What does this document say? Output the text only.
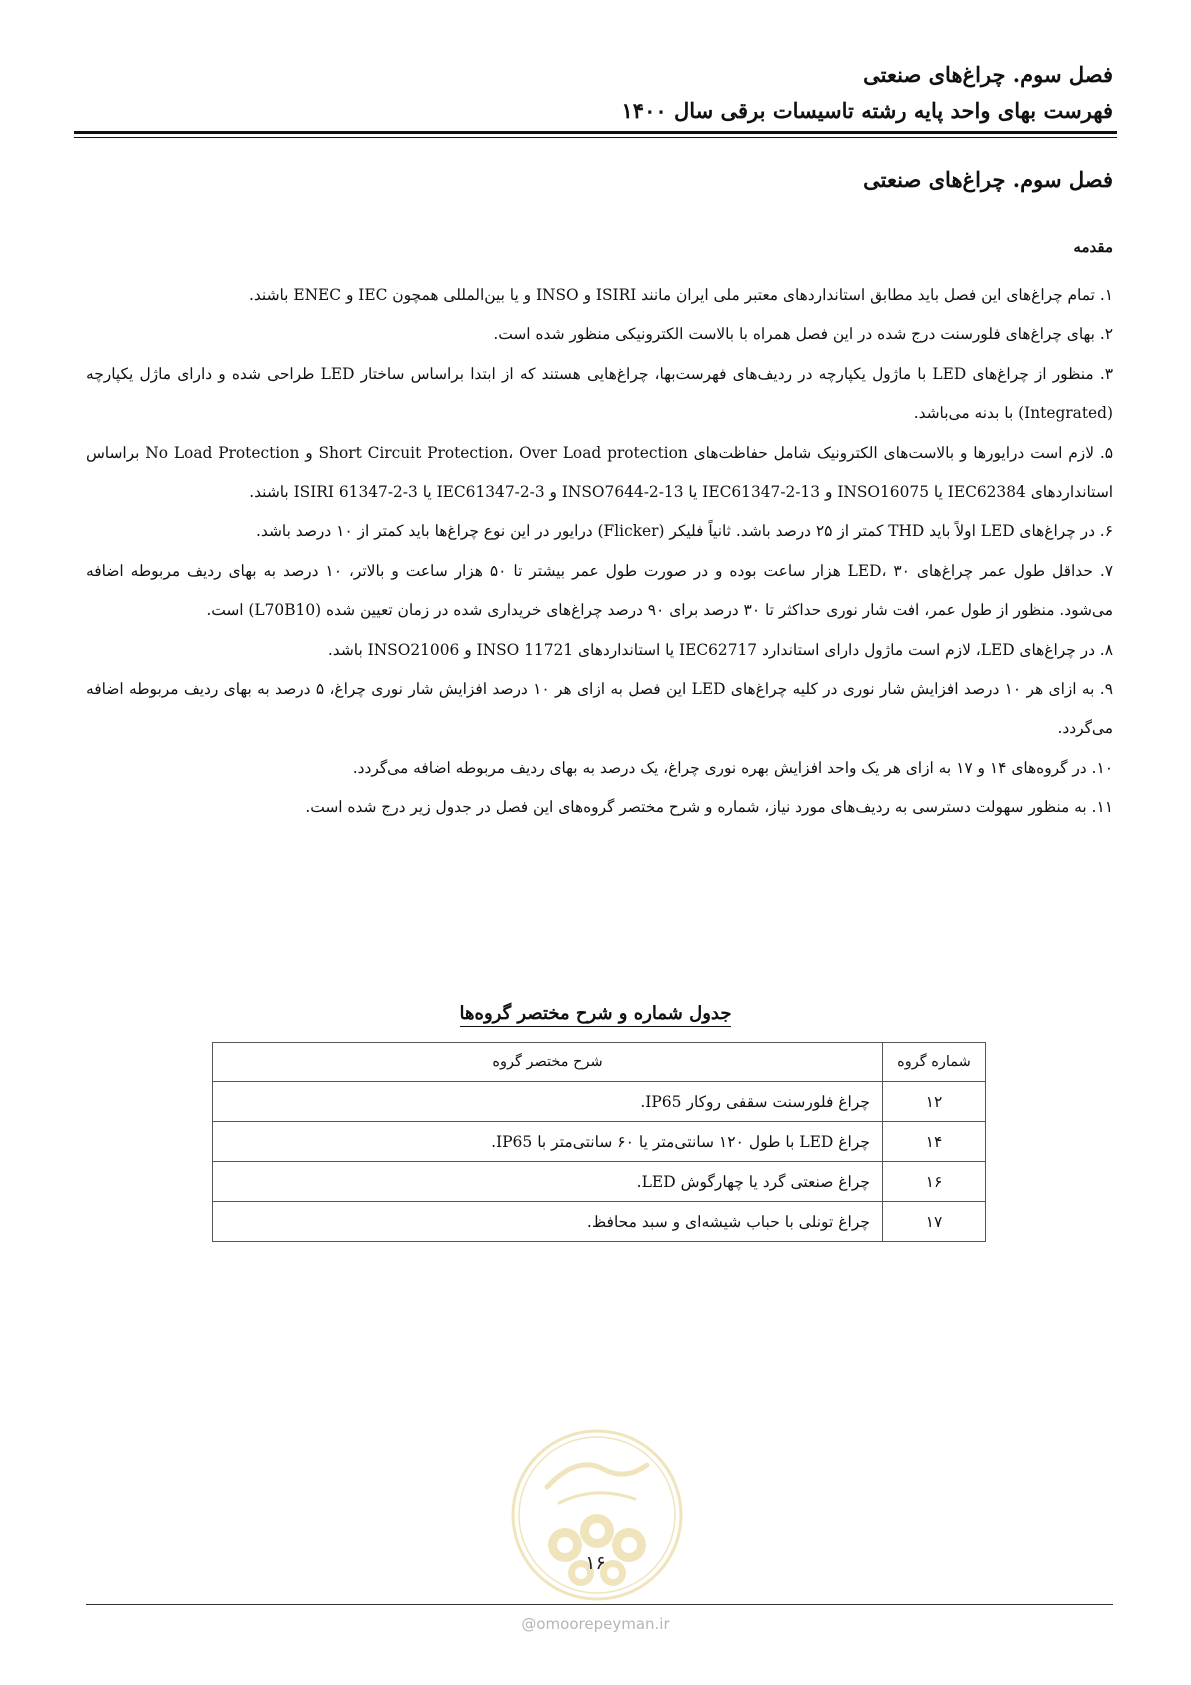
فصل سوم. چراغ‌های صنعتی
فهرست بهای واحد پایه رشته تاسیسات برقی سال ۱۴۰۰
فصل سوم. چراغ‌های صنعتی
مقدمه

۱. تمام چراغ‌های این فصل باید مطابق استانداردهای معتبر ملی ایران مانند ISIRI و INSO و یا بین‌المللی همچون IEC و ENEC باشند.

۲. بهای چراغ‌های فلورسنت درج شده در این فصل همراه با بالاست الکترونیکی منظور شده است.

۳. منظور از چراغ‌های LED با ماژول یکپارچه در ردیف‌های فهرست‌بها، چراغ‌هایی هستند که از ابتدا براساس ساختار LED طراحی شده و دارای ماژل یکپارچه (Integrated) با بدنه می‌باشد.

۵. لازم است درایورها و بالاست‌های الکترونیک شامل حفاظت‌های Short Circuit Protection، Over Load protection و No Load Protection براساس استانداردهای IEC62384 یا INSO16075 و IEC61347-2-13 یا INSO7644-2-13 و IEC61347-2-3 یا ISIRI 61347-2-3 باشند.

۶. در چراغ‌های LED اولاً باید THD کمتر از ۲۵ درصد باشد. ثانیاً فلیکر (Flicker) درایور در این نوع چراغ‌ها باید کمتر از ۱۰ درصد باشد.

۷. حداقل طول عمر چراغ‌های LED، ۳۰ هزار ساعت بوده و در صورت طول عمر بیشتر تا ۵۰ هزار ساعت و بالاتر، ۱۰ درصد به بهای ردیف مربوطه اضافه می‌شود. منظور از طول عمر، افت شار نوری حداکثر تا ۳۰ درصد برای ۹۰ درصد چراغ‌های خریداری شده در زمان تعیین شده (L70B10) است.

۸. در چراغ‌های LED، لازم است ماژول دارای استاندارد IEC62717 یا استانداردهای INSO 11721 و INSO21006 باشد.

۹. به ازای هر ۱۰ درصد افزایش شار نوری در کلیه چراغ‌های LED این فصل به ازای هر ۱۰ درصد افزایش شار نوری چراغ، ۵ درصد به بهای ردیف مربوطه اضافه می‌گردد.

۱۰. در گروه‌های ۱۴ و ۱۷ به ازای هر یک واحد افزایش بهره نوری چراغ، یک درصد به بهای ردیف مربوطه اضافه می‌گردد.

۱۱. به منظور سهولت دسترسی به ردیف‌های مورد نیاز، شماره و شرح مختصر گروه‌های این فصل در جدول زیر درج شده است.

جدول شماره و شرح مختصر گروه‌ها
شماره گروه	شرح مختصر گروه
۱۲	چراغ فلورسنت سقفی روکار IP65.
۱۴	چراغ LED با طول ۱۲۰ سانتی‌متر یا ۶۰ سانتی‌متر با IP65.
۱۶	چراغ صنعتی گرد یا چهارگوش LED.
۱۷	چراغ تونلی با حباب شیشه‌ای و سبد محافظ.
۱۶
@omoorepeyman.ir
